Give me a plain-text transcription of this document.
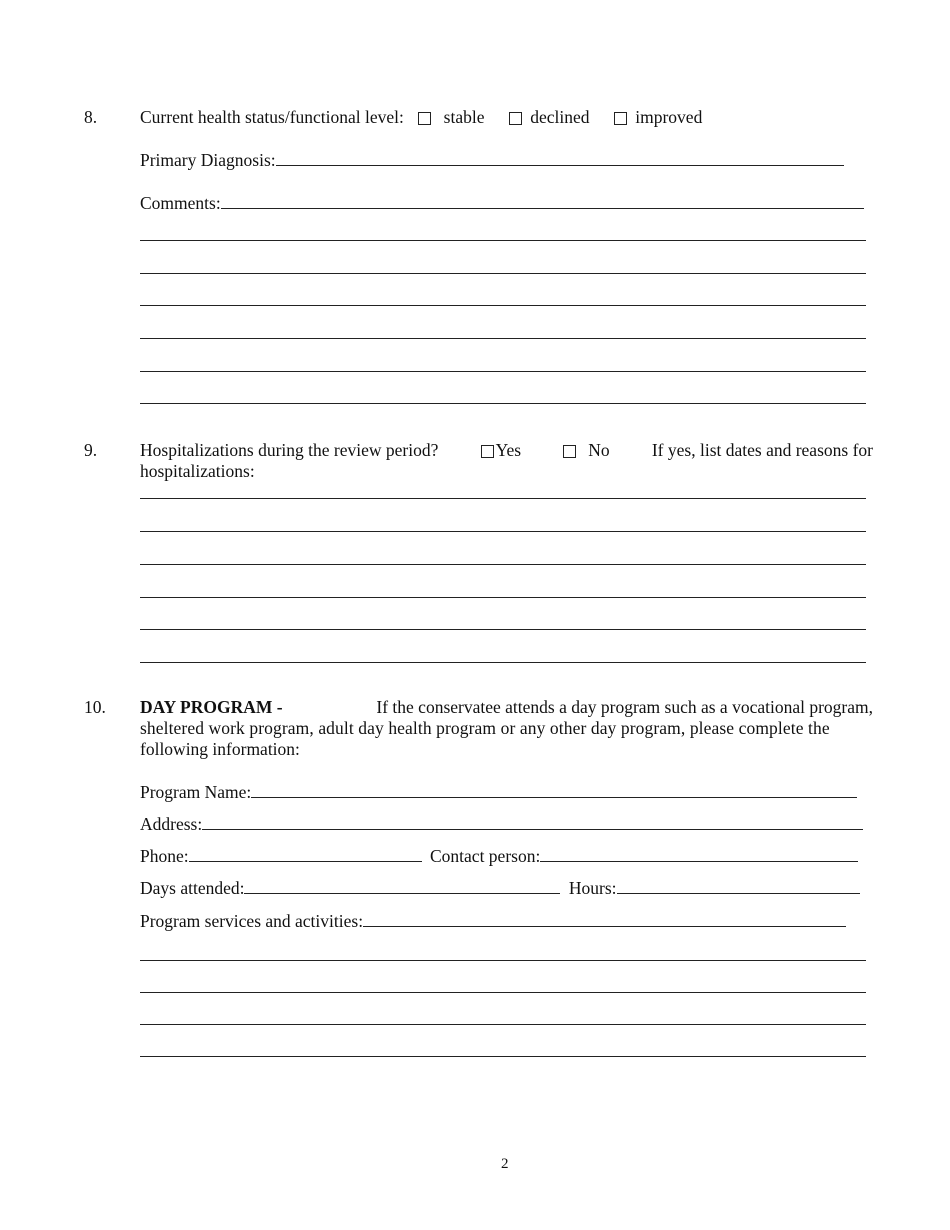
8. Current health status/functional level: stable	declined	improved
Primary Diagnosis:
Comments:
9. Hospitalizations during the review period?	Yes	No If yes, list dates and reasons for
hospitalizations:
10. DAY PROGRAM -	If the conservatee attends a day program such as a vocational program,
sheltered work program, adult day health program or any other day program, please complete the
following information:
Program Name:
Address:
Phone:	Contact person:
Days attended:	Hours:
Program services and activities:
2
